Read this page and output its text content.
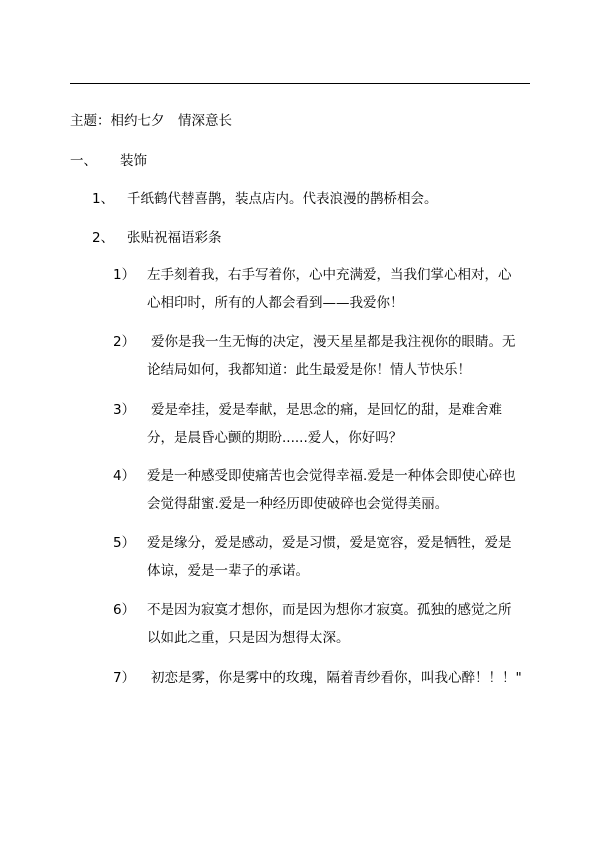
主题：相约七夕　情深意长
一、 装饰
1、 千纸鹤代替喜鹊，装点店内。代表浪漫的鹊桥相会。
2、 张贴祝福语彩条
1） 左手刻着我，右手写着你，心中充满爱，当我们掌心相对，心
心相印时，所有的人都会看到——我爱你！
2） 爱你是我一生无悔的决定，漫天星星都是我注视你的眼睛。无
论结局如何，我都知道：此生最爱是你！情人节快乐！
3） 爱是牵挂，爱是奉献，是思念的痛，是回忆的甜，是难舍难
分，是晨昏心颤的期盼......爱人，你好吗？
4） 爱是一种感受即使痛苦也会觉得幸福.爱是一种体会即使心碎也
会觉得甜蜜.爱是一种经历即使破碎也会觉得美丽。
5） 爱是缘分，爱是感动，爱是习惯，爱是宽容，爱是牺牲，爱是
体谅，爱是一辈子的承诺。
6） 不是因为寂寞才想你，而是因为想你才寂寞。孤独的感觉之所
以如此之重，只是因为想得太深。
7） 初恋是雾，你是雾中的玫瑰，隔着青纱看你，叫我心醉！！！"
